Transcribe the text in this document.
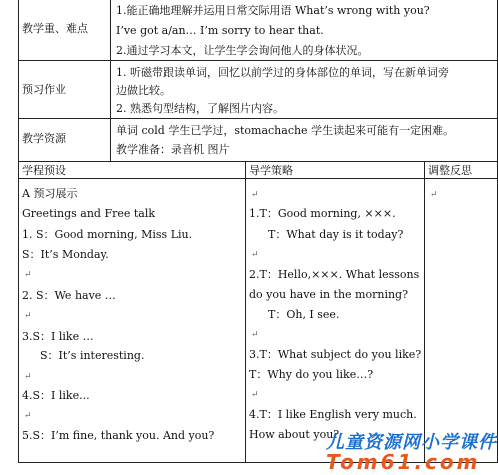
教学重、难点
1.能正确地理解并运用日常交际用语 What’s wrong with you?
I’ve got a/an… I’m sorry to hear that.
2.通过学习本文，让学生学会询问他人的身体状况。
预习作业
1. 听磁带跟读单词，回忆以前学过的身体部位的单词，写在新单词旁
边做比较。
2. 熟悉句型结构，了解图片内容。
教学资源
单词 cold 学生已学过，stomachache 学生读起来可能有一定困难。
教学准备：录音机 图片
学程预设	导学策略	调整反思
A 预习展示
Greetings and Free talk
1. S：Good morning, Miss Liu.
S：It’s Monday.
2. S：We have …
3.S：I like …
S：It’s interesting.
4.S：I like...
5.S：I’m fine, thank you. And you?
1.T：Good morning, ×××.
T：What day is it today?
2.T：Hello,×××. What lessons
do you have in the morning?
T：Oh, I see.
3.T：What subject do you like?
T：Why do you like…?
4.T：I like English very much.
How about you?
↵
↵
↵
↵
↵
↵
↵
↵
↵
儿童资源网小学课件
Tom61.com
